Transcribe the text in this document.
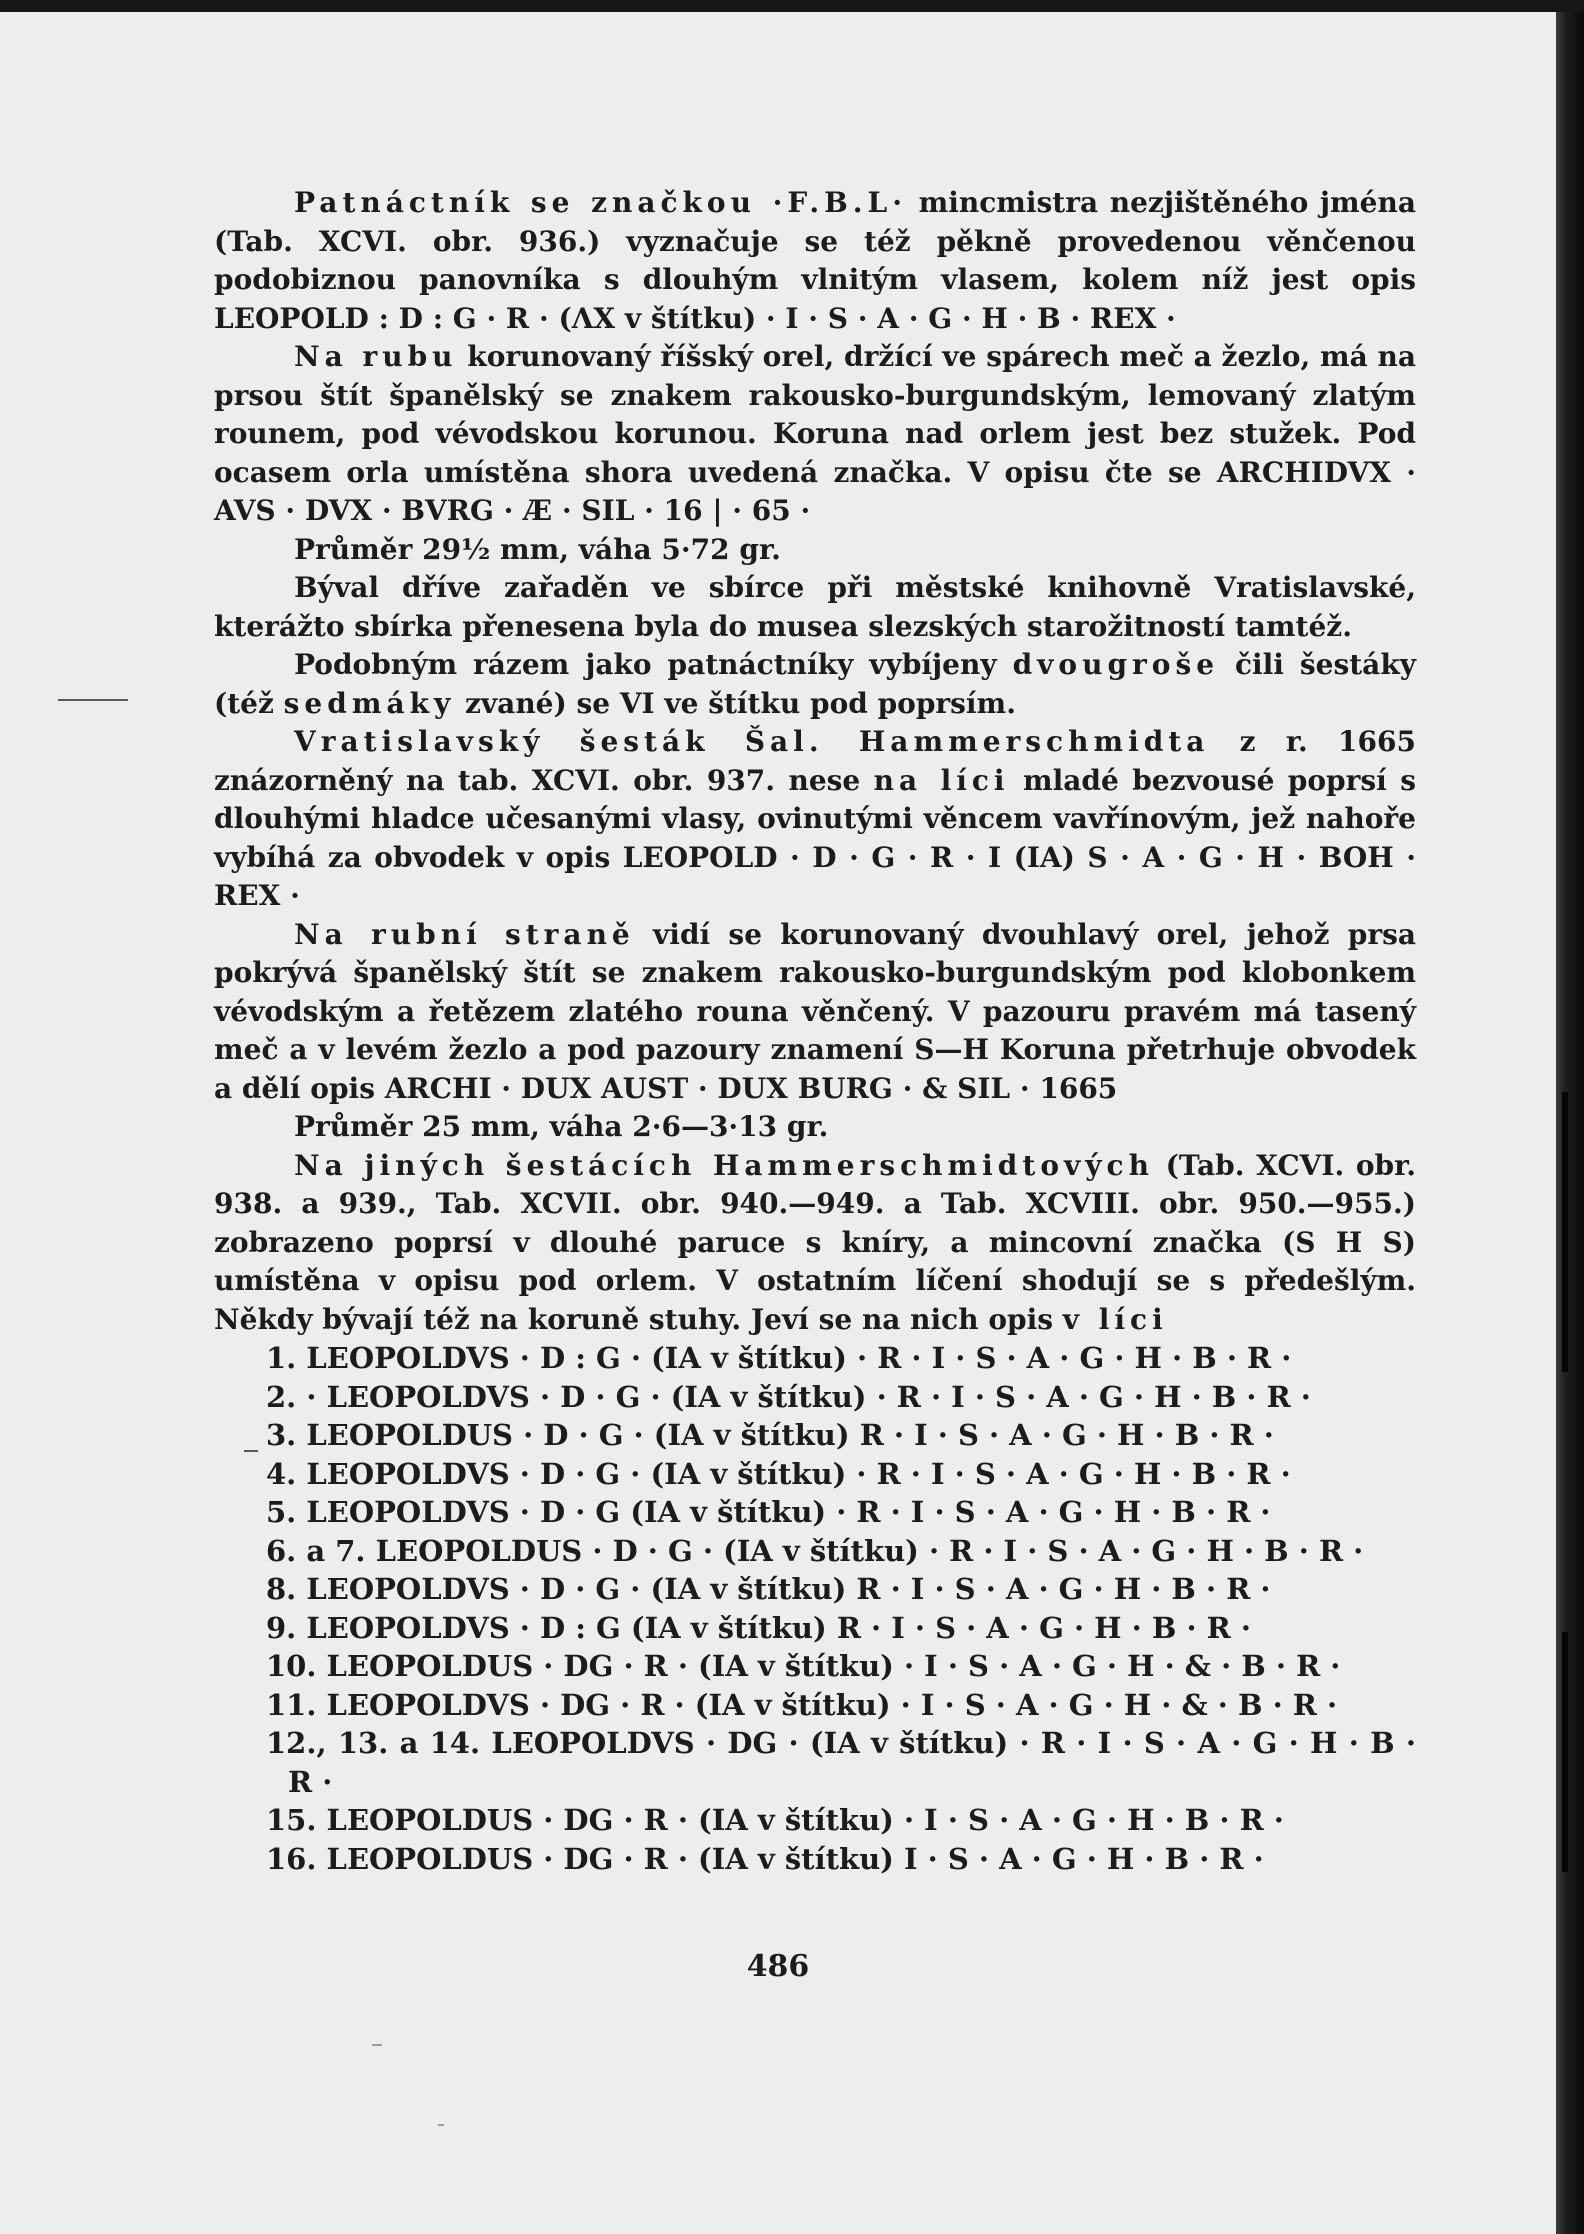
Patnáctník se značkou ·F.B.L· mincmistra nezjištěného jména (Tab. XCVI. obr. 936.) vyznačuje se též pěkně provedenou věnčenou podobiznou panovníka s dlouhým vlnitým vlasem, kolem níž jest opis LEOPOLD : D : G · R · (ΛX v štítku) · I · S · A · G · H · B · REX ·

Na rubu korunovaný říšský orel, držící ve spárech meč a žezlo, má na prsou štít španělský se znakem rakousko-burgundským, lemovaný zlatým rounem, pod vévodskou korunou. Koruna nad orlem jest bez stužek. Pod ocasem orla umístěna shora uvedená značka. V opisu čte se ARCHIDVX · AVS · DVX · BVRG · Æ · SIL · 16 | · 65 ·

Průměr 29½ mm, váha 5·72 gr.

Býval dříve zařaděn ve sbírce při městské knihovně Vratislavské, kterážto sbírka přenesena byla do musea slezských starožitností tamtéž.

Podobným rázem jako patnáctníky vybíjeny dvougroše čili šestáky (též sedmáky zvané) se VI ve štítku pod poprsím.

Vratislavský šesták Šal. Hammerschmidta z r. 1665 znázorněný na tab. XCVI. obr. 937. nese na líci mladé bezvousé poprsí s dlouhými hladce učesanými vlasy, ovinutými věncem vavřínovým, jež nahoře vybíhá za obvodek v opis LEOPOLD · D · G · R · I (IA) S · A · G · H · BOH · REX ·

Na rubní straně vidí se korunovaný dvouhlavý orel, jehož prsa pokrývá španělský štít se znakem rakousko-burgundským pod klobonkem vévodským a řetězem zlatého rouna věnčený. V pazouru pravém má tasený meč a v levém žezlo a pod pazoury znamení S—H Koruna přetrhuje obvodek a dělí opis ARCHI · DUX AUST · DUX BURG · & SIL · 1665

Průměr 25 mm, váha 2·6—3·13 gr.

Na jiných šestácích Hammerschmidtových (Tab. XCVI. obr. 938. a 939., Tab. XCVII. obr. 940.—949. a Tab. XCVIII. obr. 950.—955.) zobrazeno poprsí v dlouhé paruce s kníry, a mincovní značka (S H S) umístěna v opisu pod orlem. V ostatním líčení shodují se s předešlým. Někdy bývají též na koruně stuhy. Jeví se na nich opis v líci

1. LEOPOLDVS · D : G · (IA v štítku) · R · I · S · A · G · H · B · R ·
2. · LEOPOLDVS · D · G · (IA v štítku) · R · I · S · A · G · H · B · R ·
3. LEOPOLDUS · D · G · (IA v štítku) R · I · S · A · G · H · B · R ·
4. LEOPOLDVS · D · G · (IA v štítku) · R · I · S · A · G · H · B · R ·
5. LEOPOLDVS · D · G (IA v štítku) · R · I · S · A · G · H · B · R ·
6. a 7. LEOPOLDUS · D · G · (IA v štítku) · R · I · S · A · G · H · B · R ·
8. LEOPOLDVS · D · G · (IA v štítku) R · I · S · A · G · H · B · R ·
9. LEOPOLDVS · D : G (IA v štítku) R · I · S · A · G · H · B · R ·
10. LEOPOLDUS · DG · R · (IA v štítku) · I · S · A · G · H · & · B · R ·
11. LEOPOLDVS · DG · R · (IA v štítku) · I · S · A · G · H · & · B · R ·
12., 13. a 14. LEOPOLDVS · DG · (IA v štítku) · R · I · S · A · G · H · B · R ·
15. LEOPOLDUS · DG · R · (IA v štítku) · I · S · A · G · H · B · R ·
16. LEOPOLDUS · DG · R · (IA v štítku) I · S · A · G · H · B · R ·
486
